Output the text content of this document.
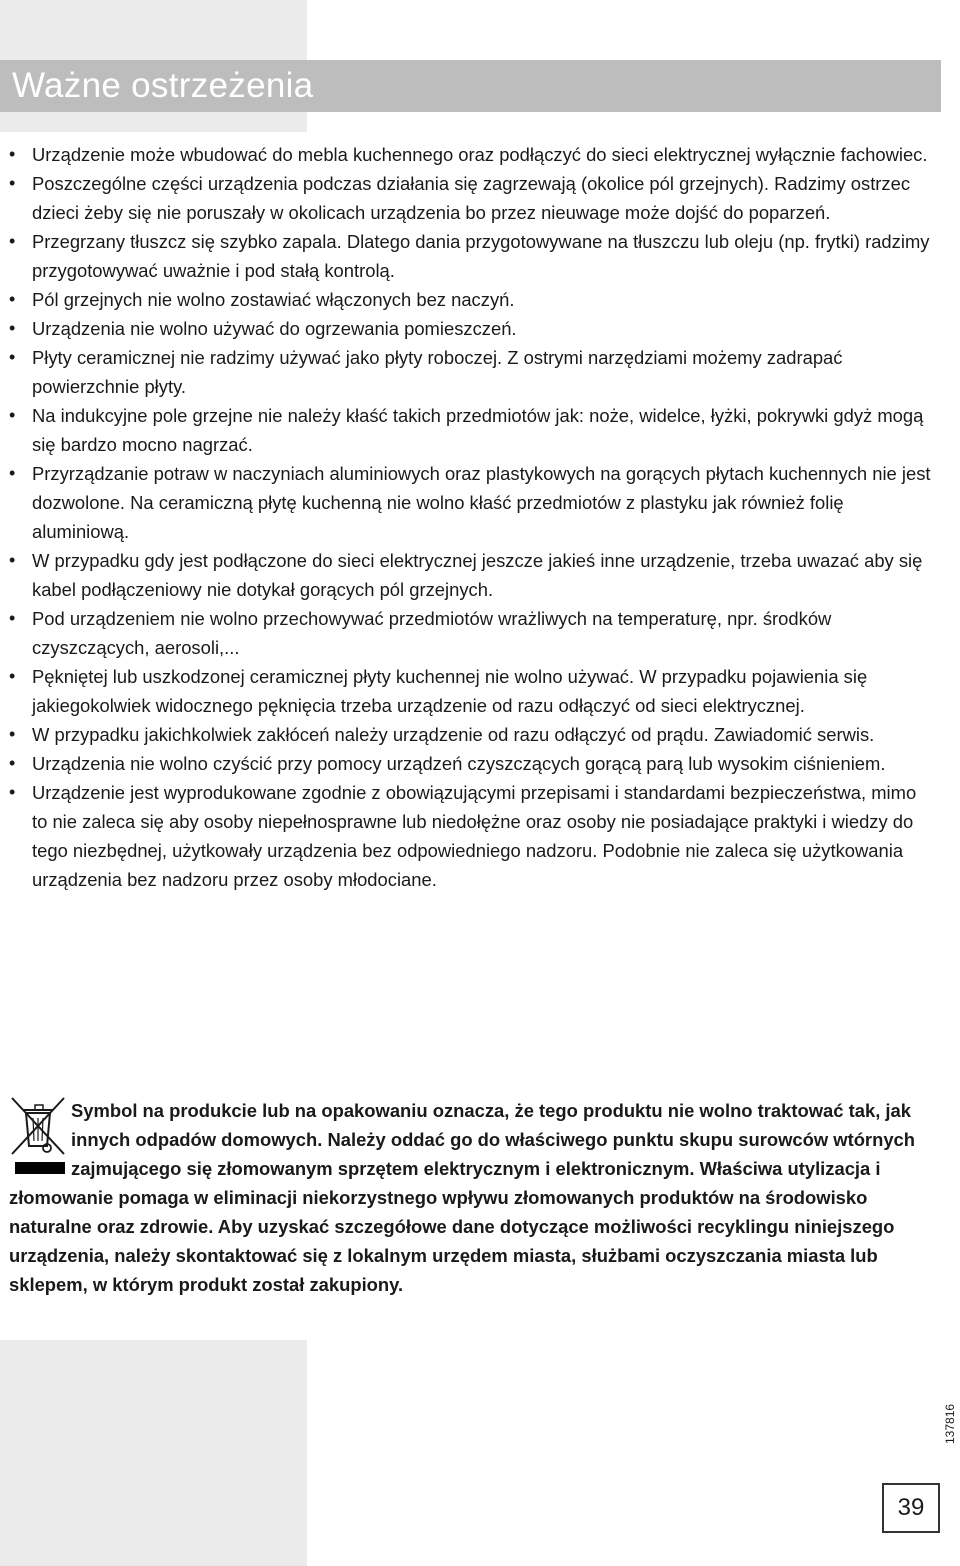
Ważne ostrzeżenia
• Urządzenie może wbudować do mebla kuchennego oraz podłączyć do sieci elektrycznej wyłącznie fachowiec.
• Poszczególne części urządzenia podczas działania się zagrzewają (okolice pól grzejnych). Radzimy ostrzec dzieci żeby się nie poruszały w okolicach urządzenia bo przez nieuwage może dojść do poparzeń.
• Przegrzany tłuszcz się szybko zapala. Dlatego dania przygotowywane na tłuszczu lub oleju (np. frytki) radzimy przygotowywać uważnie i pod stałą kontrolą.
• Pól grzejnych nie wolno zostawiać włączonych bez naczyń.
• Urządzenia nie wolno używać do ogrzewania pomieszczeń.
• Płyty ceramicznej nie radzimy używać jako płyty roboczej. Z ostrymi narzędziami możemy zadrapać powierzchnie płyty.
• Na indukcyjne pole grzejne nie należy kłaść takich przedmiotów jak: noże, widelce, łyżki, pokrywki gdyż mogą się bardzo mocno nagrzać.
• Przyrządzanie potraw w naczyniach aluminiowych oraz plastykowych na gorących płytach kuchennych nie jest dozwolone. Na ceramiczną płytę kuchenną nie wolno kłaść przedmiotów z plastyku jak również folię aluminiową.
• W przypadku gdy jest podłączone do sieci elektrycznej jeszcze jakieś inne urządzenie, trzeba uwazać aby się kabel podłączeniowy nie dotykał gorących pól grzejnych.
• Pod urządzeniem nie wolno przechowywać przedmiotów wrażliwych na temperaturę, npr. środków czyszczących, aerosoli,...
• Pękniętej lub uszkodzonej ceramicznej płyty kuchennej nie wolno używać. W przypadku pojawienia się jakiegokolwiek widocznego pęknięcia trzeba urządzenie od razu odłączyć od sieci elektrycznej.
• W przypadku jakichkolwiek zakłóceń należy urządzenie od razu odłączyć od prądu. Zawiadomić serwis.
• Urządzenia nie wolno czyścić przy pomocy urządzeń czyszczących gorącą parą lub wysokim ciśnieniem.
• Urządzenie jest wyprodukowane zgodnie z obowiązującymi przepisami i standardami bezpieczeństwa, mimo to nie zaleca się aby osoby niepełnosprawne lub niedołężne oraz osoby nie posiadające praktyki i wiedzy do tego niezbędnej, użytkowały urządzenia bez odpowiedniego nadzoru. Podobnie nie zaleca się użytkowania urządzenia bez nadzoru przez osoby młodociane.

Symbol na produkcie lub na opakowaniu oznacza, że tego produktu nie wolno traktować tak, jak innych odpadów domowych. Należy oddać go do właściwego punktu skupu surowców wtórnych zajmującego się złomowanym sprzętem elektrycznym i elektronicznym. Właściwa utylizacja i złomowanie pomaga w eliminacji niekorzystnego wpływu złomowanych produktów na środowisko naturalne oraz zdrowie. Aby uzyskać szczegółowe dane dotyczące możliwości recyklingu niniejszego urządzenia, należy skontaktować się z lokalnym urzędem miasta, służbami oczyszczania miasta lub sklepem, w którym produkt został zakupiony.

137816
39
